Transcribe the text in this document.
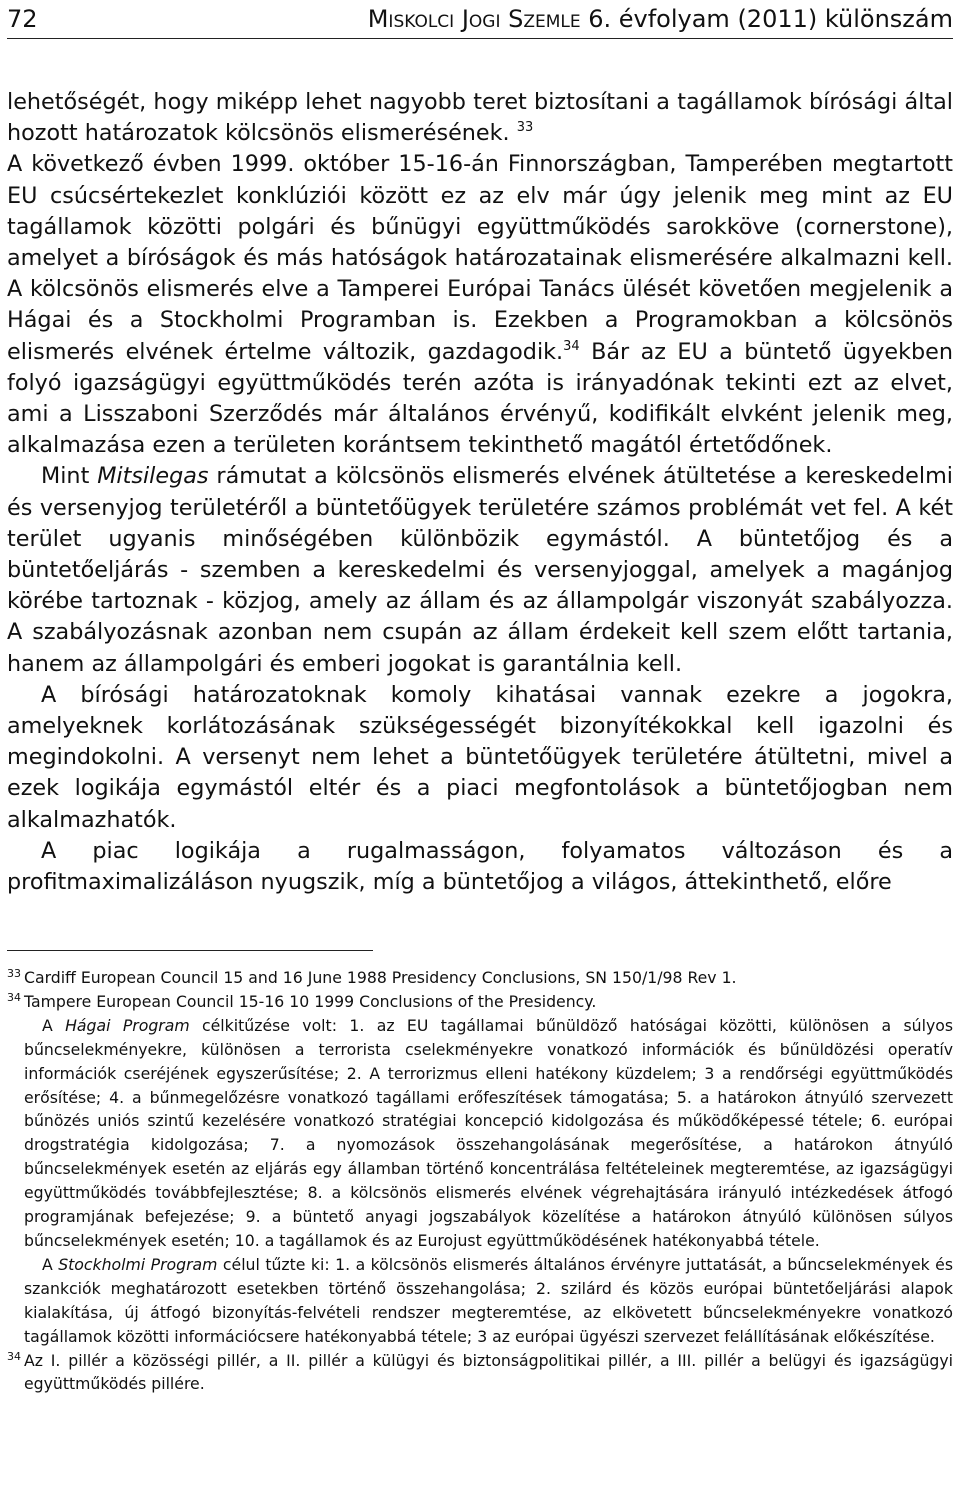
72	Miskolci Jogi Szemle 6. évfolyam (2011) különszám

lehetőségét, hogy miképp lehet nagyobb teret biztosítani a tagállamok bírósági által hozott határozatok kölcsönös elismerésének. $^{33}$

A következő évben 1999. október 15-16-án Finnországban, Tamperében megtartott EU csúcsértekezlet konklúziói között ez az elv már úgy jelenik meg mint az EU tagállamok közötti polgári és bűnügyi együttműködés sarokköve (cornerstone), amelyet a bíróságok és más hatóságok határozatainak elismerésére alkalmazni kell. A kölcsönös elismerés elve a Tamperei Európai Tanács ülését követően megjelenik a Hágai és a Stockholmi Programban is. Ezekben a Programokban a kölcsönös elismerés elvének értelme változik, gazdagodik.$^{34}$ Bár az EU a büntető ügyekben folyó igazságügyi együttműködés terén azóta is irányadónak tekinti ezt az elvet, ami a Lisszaboni Szerződés már általános érvényű, kodifikált elvként jelenik meg, alkalmazása ezen a területen korántsem tekinthető magától értetődőnek.

Mint Mitsilegas rámutat a kölcsönös elismerés elvének átültetése a kereskedelmi és versenyjog területéről a büntetőügyek területére számos problémát vet fel. A két terület ugyanis minőségében különbözik egymástól. A büntetőjog és a büntetőeljárás - szemben a kereskedelmi és versenyjoggal, amelyek a magánjog körébe tartoznak - közjog, amely az állam és az állampolgár viszonyát szabályozza. A szabályozásnak azonban nem csupán az állam érdekeit kell szem előtt tartania, hanem az állampolgári és emberi jogokat is garantálnia kell.

A bírósági határozatoknak komoly kihatásai vannak ezekre a jogokra, amelyeknek korlátozásának szükségességét bizonyítékokkal kell igazolni és megindokolni. A versenyt nem lehet a büntetőügyek területére átültetni, mivel a ezek logikája egymástól eltér és a piaci megfontolások a büntetőjogban nem alkalmazhatók.

A piac logikája a rugalmasságon, folyamatos változáson és a profitmaximalizáláson nyugszik, míg a büntetőjog a világos, áttekinthető, előre

$^{33}$ Cardiff European Council 15 and 16 June 1988 Presidency Conclusions, SN 150/1/98 Rev 1.

$^{34}$ Tampere European Council 15-16 10 1999 Conclusions of the Presidency.

A Hágai Program célkitűzése volt: 1. az EU tagállamai bűnüldöző hatóságai közötti, különösen a súlyos bűncselekményekre, különösen a terrorista cselekményekre vonatkozó információk és bűnüldözési operatív információk cseréjének egyszerűsítése; 2. A terrorizmus elleni hatékony küzdelem; 3 a rendőrségi együttműködés erősítése; 4. a bűnmegelőzésre vonatkozó tagállami erőfeszítések támogatása; 5. a határokon átnyúló szervezett bűnözés uniós szintű kezelésére vonatkozó stratégiai koncepció kidolgozása és működőképessé tétele; 6. európai drogstratégia kidolgozása; 7. a nyomozások összehangolásának megerősítése, a határokon átnyúló bűncselekmények esetén az eljárás egy államban történő koncentrálása feltételeinek megteremtése, az igazságügyi együttműködés továbbfejlesztése; 8. a kölcsönös elismerés elvének végrehajtására irányuló intézkedések átfogó programjának befejezése; 9. a büntető anyagi jogszabályok közelítése a határokon átnyúló különösen súlyos bűncselekmények esetén; 10. a tagállamok és az Eurojust együttműködésének hatékonyabbá tétele.

A Stockholmi Program célul tűzte ki: 1. a kölcsönös elismerés általános érvényre juttatását, a bűncselekmények és szankciók meghatározott esetekben történő összehangolása; 2. szilárd és közös európai büntetőeljárási alapok kialakítása, új átfogó bizonyítás-felvételi rendszer megteremtése, az elkövetett bűncselekményekre vonatkozó tagállamok közötti információcsere hatékonyabbá tétele; 3 az európai ügyészi szervezet felállításának előkészítése.

$^{34}$ Az I. pillér a közösségi pillér, a II. pillér a külügyi és biztonságpolitikai pillér, a III. pillér a belügyi és igazságügyi együttműködés pillére.
